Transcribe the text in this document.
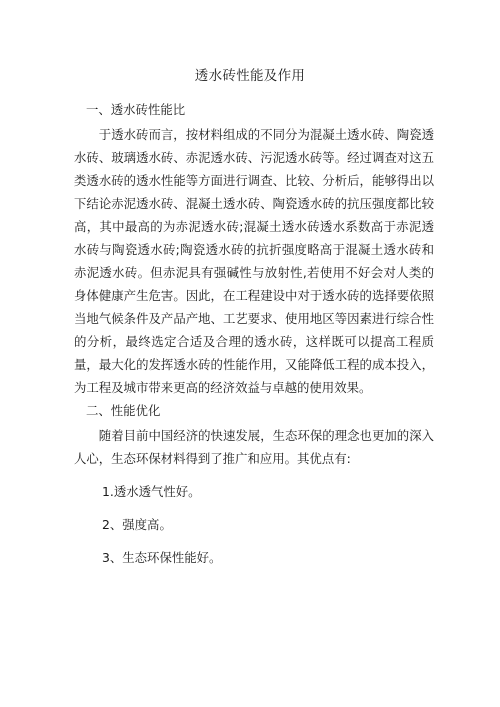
透水砖性能及作用

一、透水砖性能比

于透水砖而言，按材料组成的不同分为混凝土透水砖、陶瓷透水砖、玻璃透水砖、赤泥透水砖、污泥透水砖等。经过调查对这五类透水砖的透水性能等方面进行调查、比较、分析后，能够得出以下结论赤泥透水砖、混凝土透水砖、陶瓷透水砖的抗压强度都比较高，其中最高的为赤泥透水砖;混凝土透水砖透水系数高于赤泥透水砖与陶瓷透水砖;陶瓷透水砖的抗折强度略高于混凝土透水砖和赤泥透水砖。但赤泥具有强碱性与放射性,若使用不好会对人类的身体健康产生危害。因此，在工程建设中对于透水砖的选择要依照当地气候条件及产品产地、工艺要求、使用地区等因素进行综合性的分析，最终选定合适及合理的透水砖，这样既可以提高工程质量，最大化的发挥透水砖的性能作用，又能降低工程的成本投入，为工程及城市带来更高的经济效益与卓越的使用效果。

二、性能优化

随着目前中国经济的快速发展，生态环保的理念也更加的深入人心，生态环保材料得到了推广和应用。其优点有:

1.透水透气性好。

2、强度高。

3、生态环保性能好。
